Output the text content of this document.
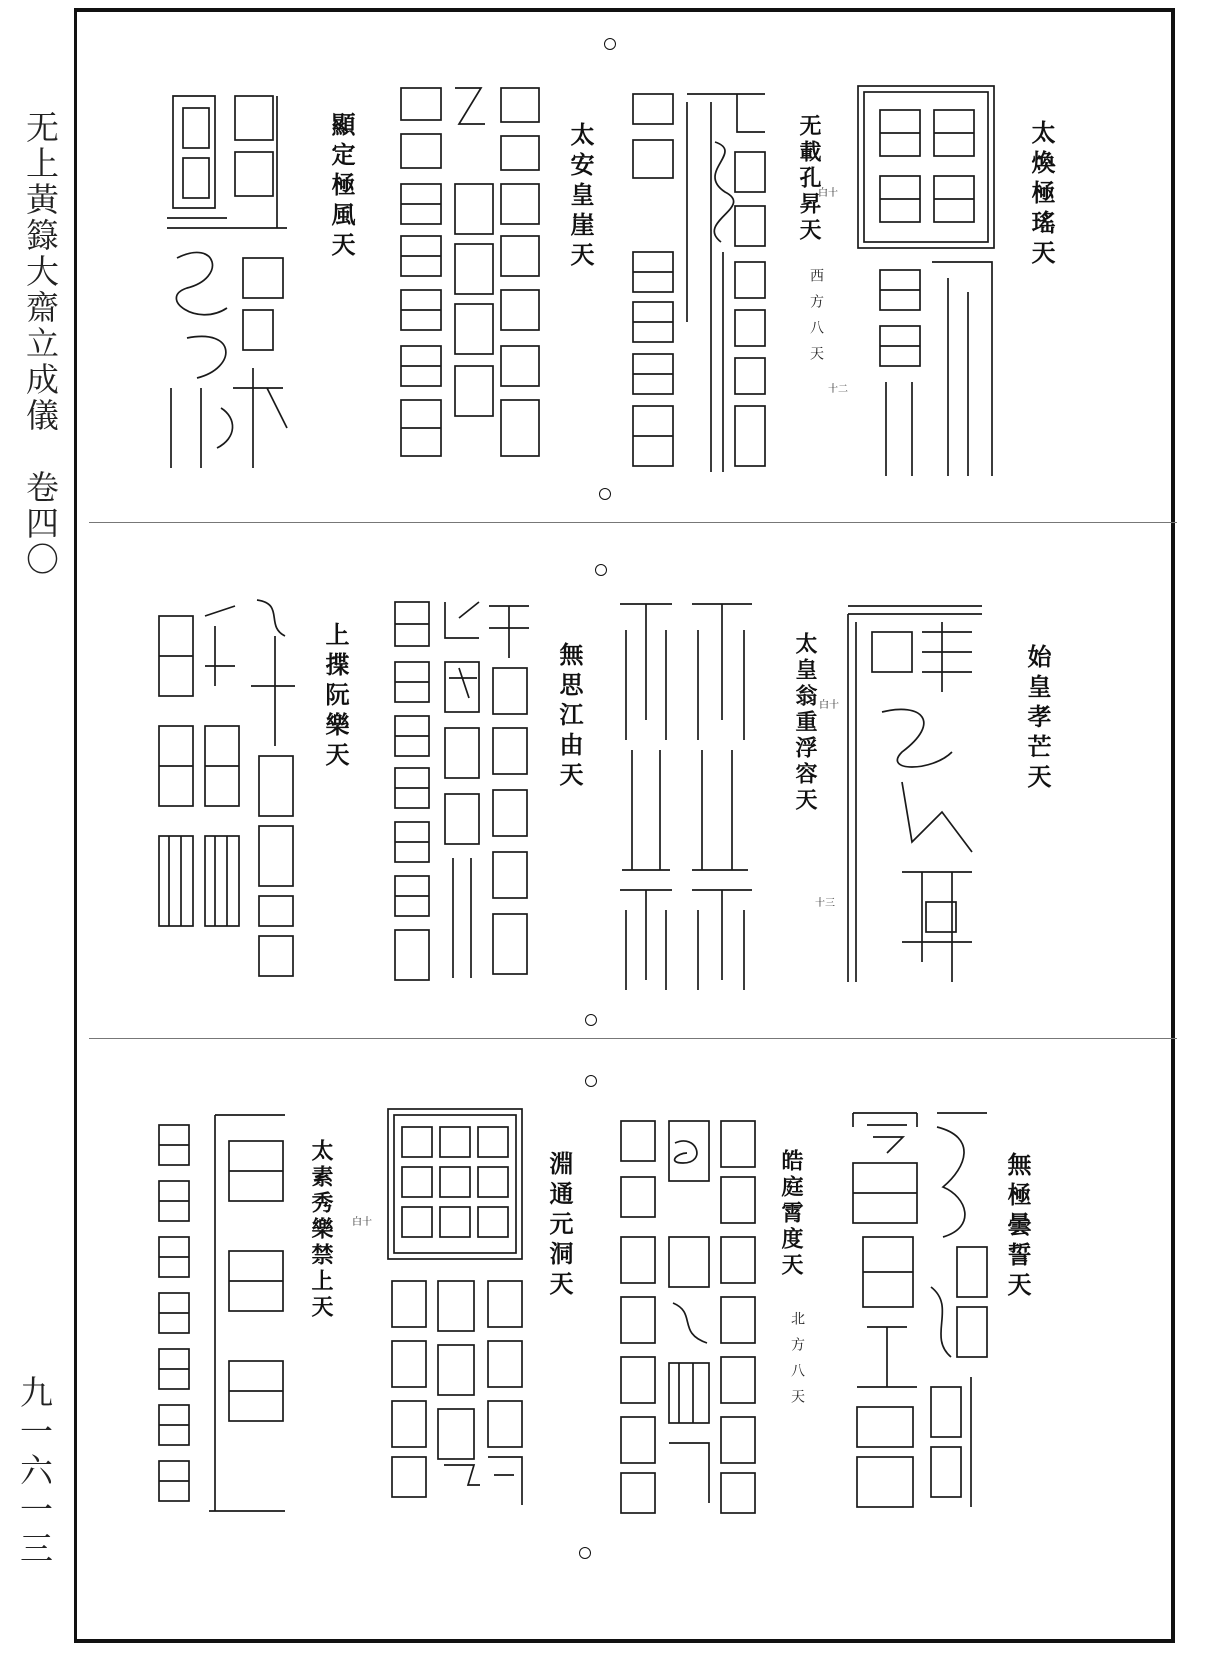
无上黃籙大齋立成儀　卷四〇
九一六一三
太煥極瑤天
无載孔昇天
西方八天
白十
十二
太安皇崖天
顯定極風天
始皇孝芒天
太皇翁重浮容天 白十
十三
無思江由天
上揲阮樂天
無極曇誓天
皓庭霄度天
北方八天
淵通元洞天
太素秀樂禁上天 白十
